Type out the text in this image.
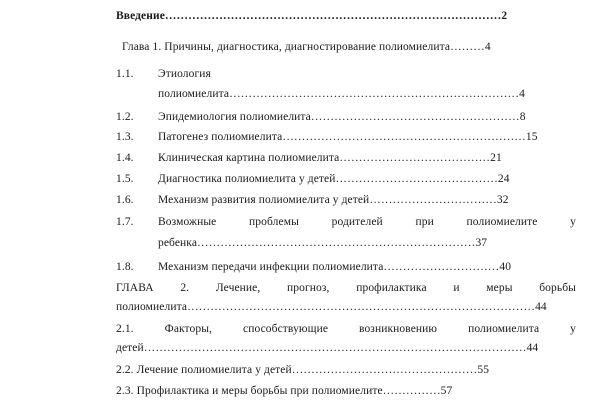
Введение……………………………………………………………………………2
Глава 1. Причины, диагностика, диагностирование полиомиелита………4
1.1. Этиология
полиомиелита…………………………………………………………………4
1.2. Эпидемиология полиомиелита………………………………………………8
1.3. Патогенез полиомиелита………………………………………………………15
1.4. Клиническая картина полиомиелита…………………………………21
1.5. Диагностика полиомиелита у детей……………………………………24
1.6. Механизм развития полиомиелита у детей……………………………32
1.7. Возможные проблемы родителей при полиомиелите у
ребенка………………………………………………………………37
1.8. Механизм передачи инфекции полиомиелита…………………………40
ГЛАВА 2. Лечение, прогноз, профилактика и меры борьбы
полиомиелита………………………………………………………………………………44
2.1. Факторы, способствующие возникновению полиомиелита у
детей………………………………………………………………………………………44
2.2. Лечение полиомиелита у детей…………………………………………55
2.3. Профилактика и меры борьбы при полиомиелите……………57
